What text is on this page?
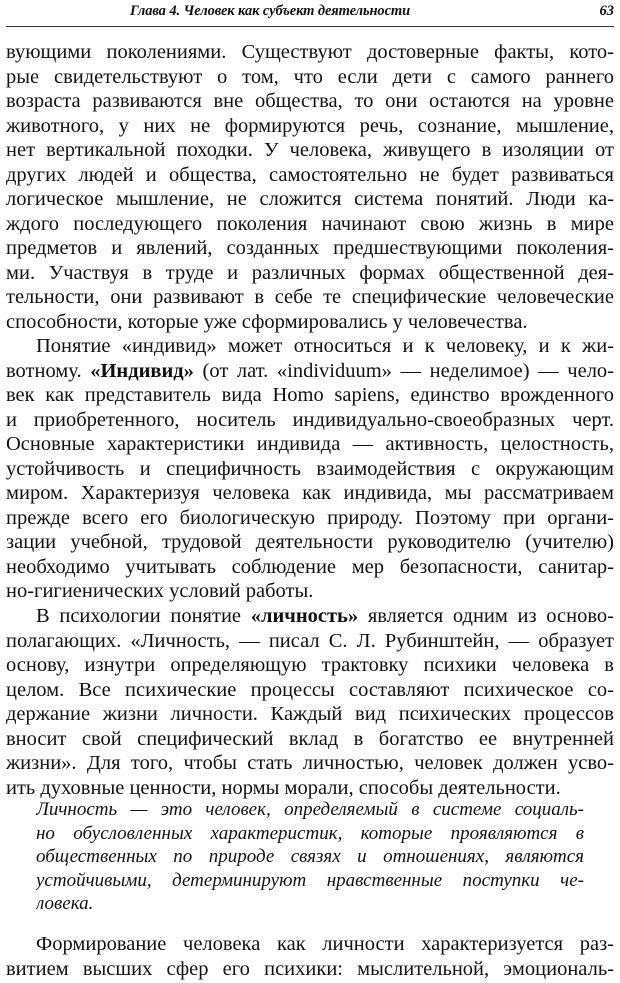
Глава 4. Человек как субъект деятельности	63
вующими поколениями. Существуют достоверные факты, кото-
рые свидетельствуют о том, что если дети с самого раннего
возраста развиваются вне общества, то они остаются на уровне
животного, у них не формируются речь, сознание, мышление,
нет вертикальной походки. У человека, живущего в изоляции от
других людей и общества, самостоятельно не будет развиваться
логическое мышление, не сложится система понятий. Люди ка-
ждого последующего поколения начинают свою жизнь в мире
предметов и явлений, созданных предшествующими поколения-
ми. Участвуя в труде и различных формах общественной дея-
тельности, они развивают в себе те специфические человеческие
способности, которые уже сформировались у человечества.
Понятие «индивид» может относиться и к человеку, и к жи-
вотному. «Индивид» (от лат. «individuum» — неделимое) — чело-
век как представитель вида Homo sapiens, единство врожденного
и приобретенного, носитель индивидуально-своеобразных черт.
Основные характеристики индивида — активность, целостность,
устойчивость и специфичность взаимодействия с окружающим
миром. Характеризуя человека как индивида, мы рассматриваем
прежде всего его биологическую природу. Поэтому при органи-
зации учебной, трудовой деятельности руководителю (учителю)
необходимо учитывать соблюдение мер безопасности, санитар-
но-гигиенических условий работы.
В психологии понятие «личность» является одним из осново-
полагающих. «Личность, — писал С. Л. Рубинштейн, — образует
основу, изнутри определяющую трактовку психики человека в
целом. Все психические процессы составляют психическое со-
держание жизни личности. Каждый вид психических процессов
вносит свой специфический вклад в богатство ее внутренней
жизни». Для того, чтобы стать личностью, человек должен усво-
ить духовные ценности, нормы морали, способы деятельности.
Личность — это человек, определяемый в системе социаль-
но обусловленных характеристик, которые проявляются в
общественных по природе связях и отношениях, являются
устойчивыми, детерминируют нравственные поступки че-
ловека.
Формирование человека как личности характеризуется раз-
витием высших сфер его психики: мыслительной, эмоциональ-
